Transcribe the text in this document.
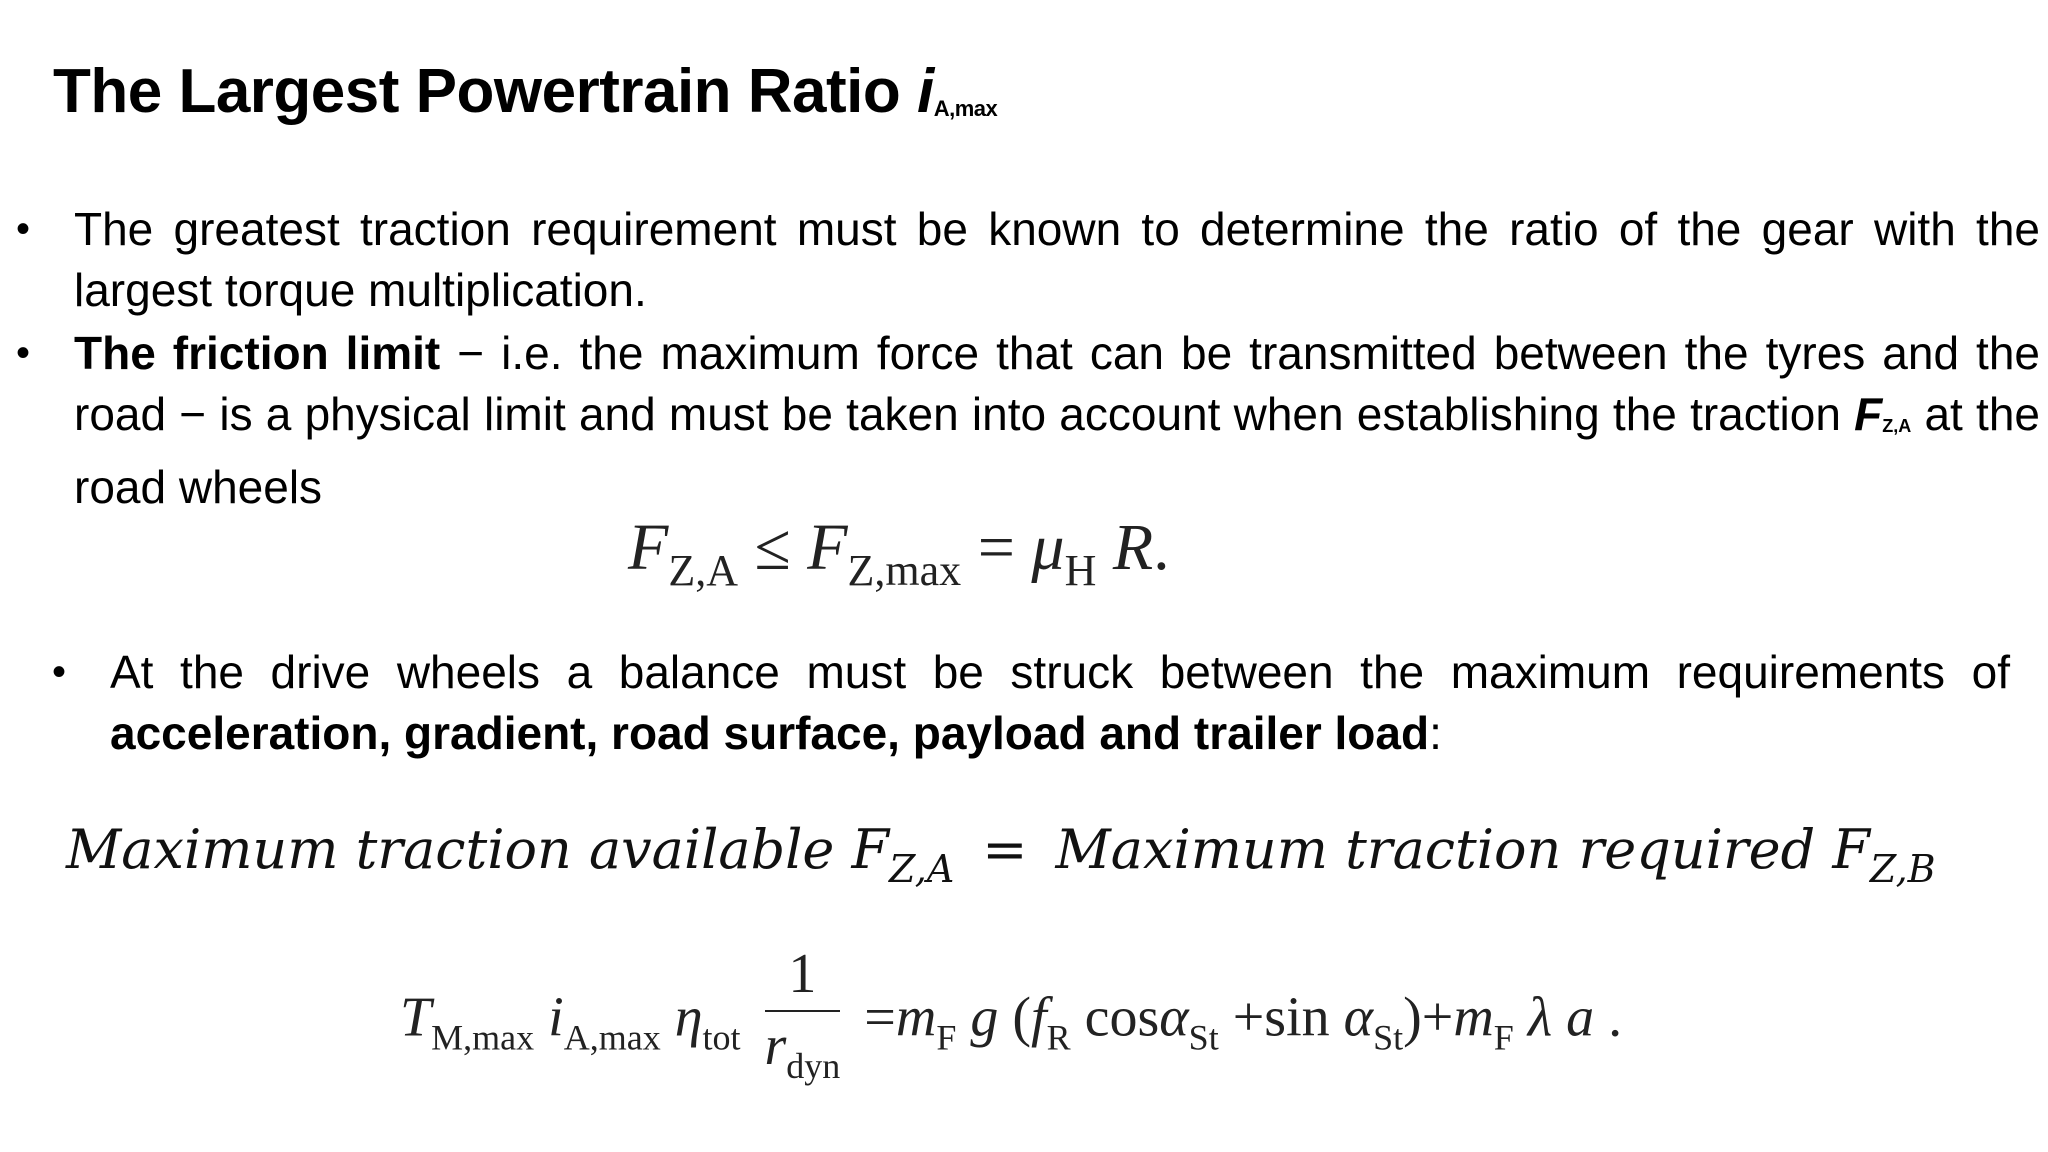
The Largest Powertrain Ratio $i_{A,max}$
• The greatest traction requirement must be known to determine the ratio of the gear with the largest torque multiplication.
• The friction limit − i.e. the maximum force that can be transmitted between the tyres and the road − is a physical limit and must be taken into account when establishing the traction $F_{Z,A}$ at the road wheels
$F_{Z,A} \le F_{Z,max} = \mu_H$ R.
• At the drive wheels a balance must be struck between the maximum requirements of acceleration, gradient, road surface, payload and trailer load:
Maximum traction available $F_{Z,A}$ = Maximum traction required $F_{Z,B}$
$T_{M,max}$ $i_{A,max}$ $\eta_{tot} \frac{1}{r_{dyn}} =m_F$ g ($f_R$ cosα$_{St}$ +sin $\alpha_{St})+m_F$ λ a .
